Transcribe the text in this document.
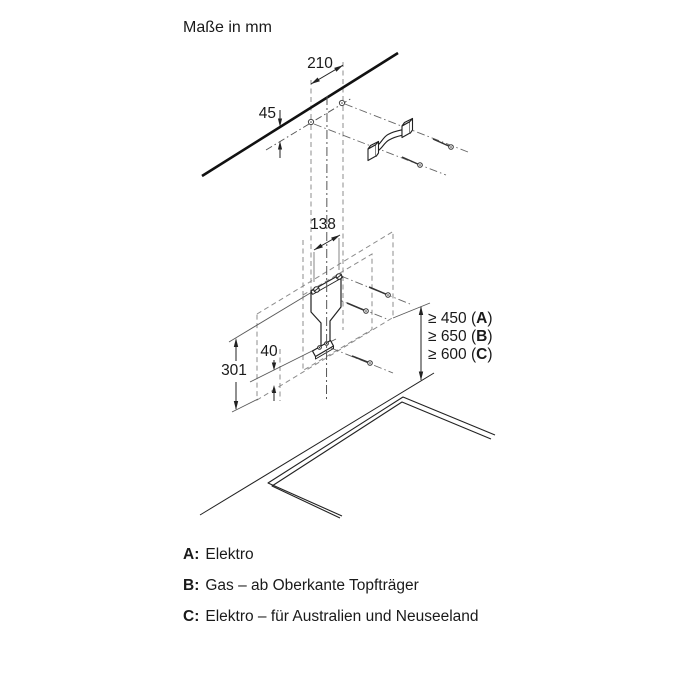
Maße in mm
210
45
138
40
301
≥ 450 (A)
≥ 650 (B)
≥ 600 (C)
A: Elektro
B: Gas – ab Oberkante Topfträger
C: Elektro – für Australien und Neuseeland
